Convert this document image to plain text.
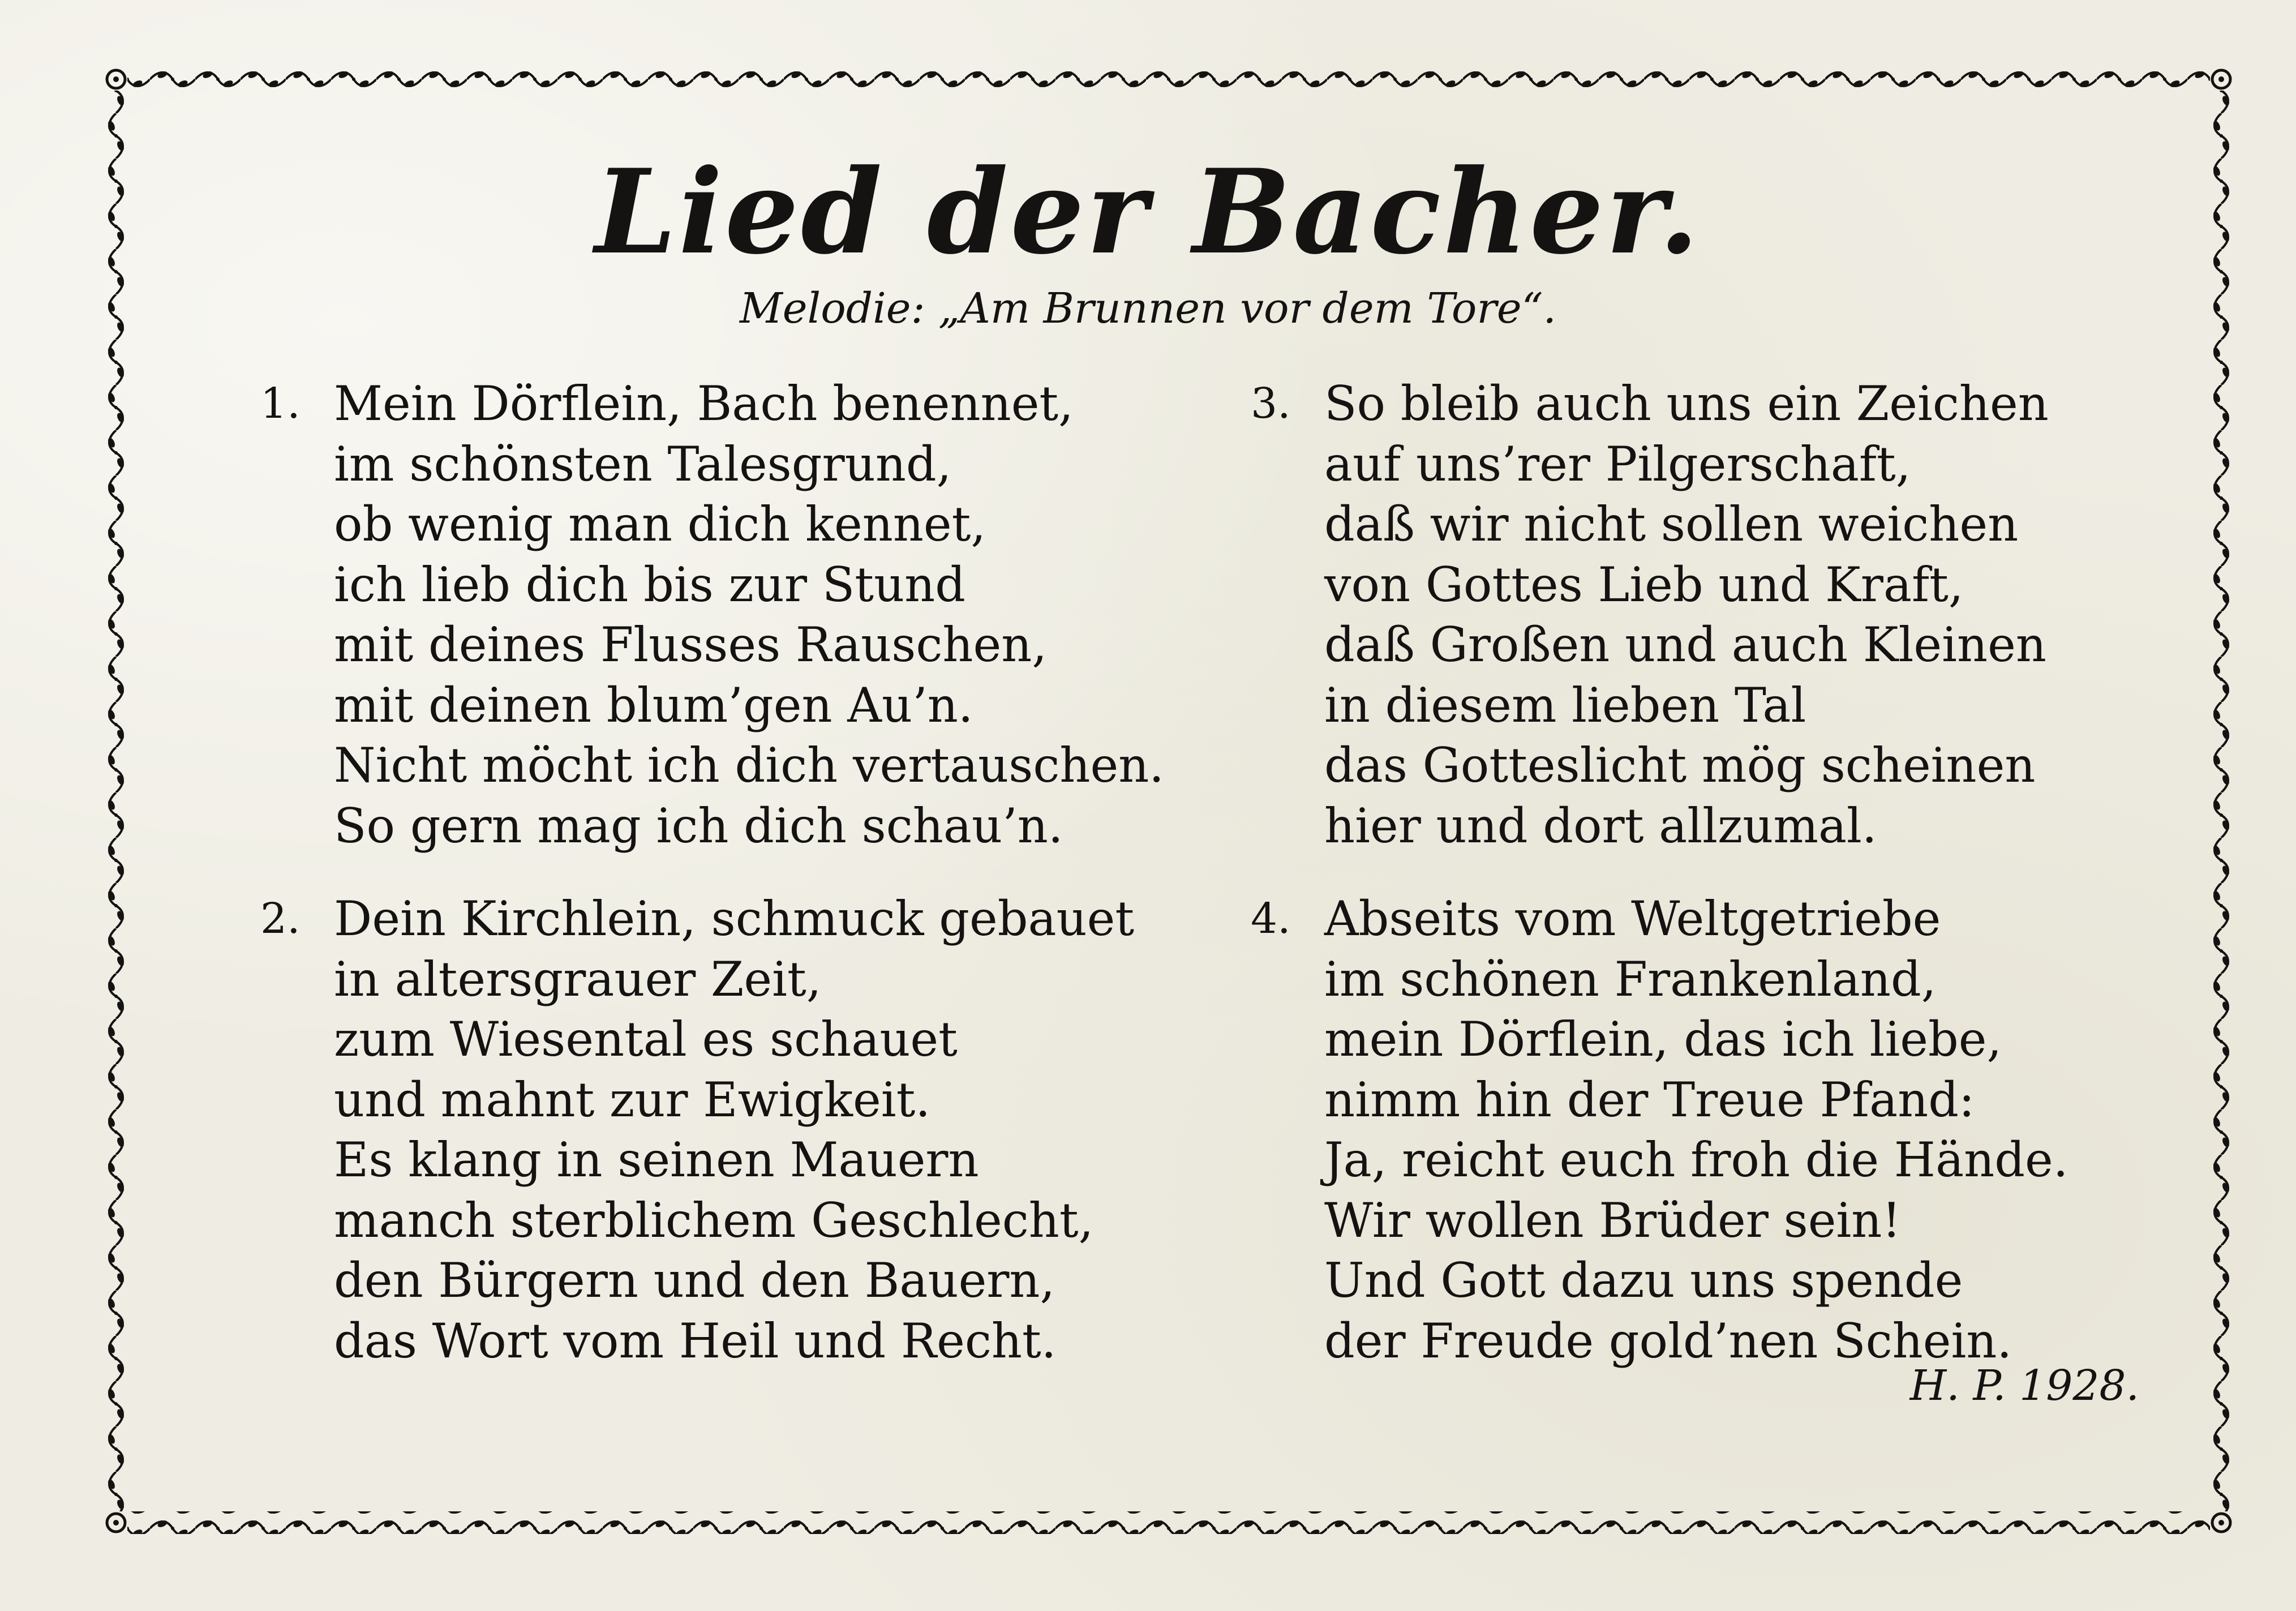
Lied der Bacher.
Melodie: „Am Brunnen vor dem Tore“.
1. Mein Dörflein, Bach benennet,
im schönsten Talesgrund,
ob wenig man dich kennet,
ich lieb dich bis zur Stund
mit deines Flusses Rauschen,
mit deinen blum’gen Au’n.
Nicht möcht ich dich vertauschen.
So gern mag ich dich schau’n.
2. Dein Kirchlein, schmuck gebauet
in altersgrauer Zeit,
zum Wiesental es schauet
und mahnt zur Ewigkeit.
Es klang in seinen Mauern
manch sterblichem Geschlecht,
den Bürgern und den Bauern,
das Wort vom Heil und Recht.
3. So bleib auch uns ein Zeichen
auf uns’rer Pilgerschaft,
daß wir nicht sollen weichen
von Gottes Lieb und Kraft,
daß Großen und auch Kleinen
in diesem lieben Tal
das Gotteslicht mög scheinen
hier und dort allzumal.
4. Abseits vom Weltgetriebe
im schönen Frankenland,
mein Dörflein, das ich liebe,
nimm hin der Treue Pfand:
Ja, reicht euch froh die Hände.
Wir wollen Brüder sein!
Und Gott dazu uns spende
der Freude gold’nen Schein.
H. P. 1928.
